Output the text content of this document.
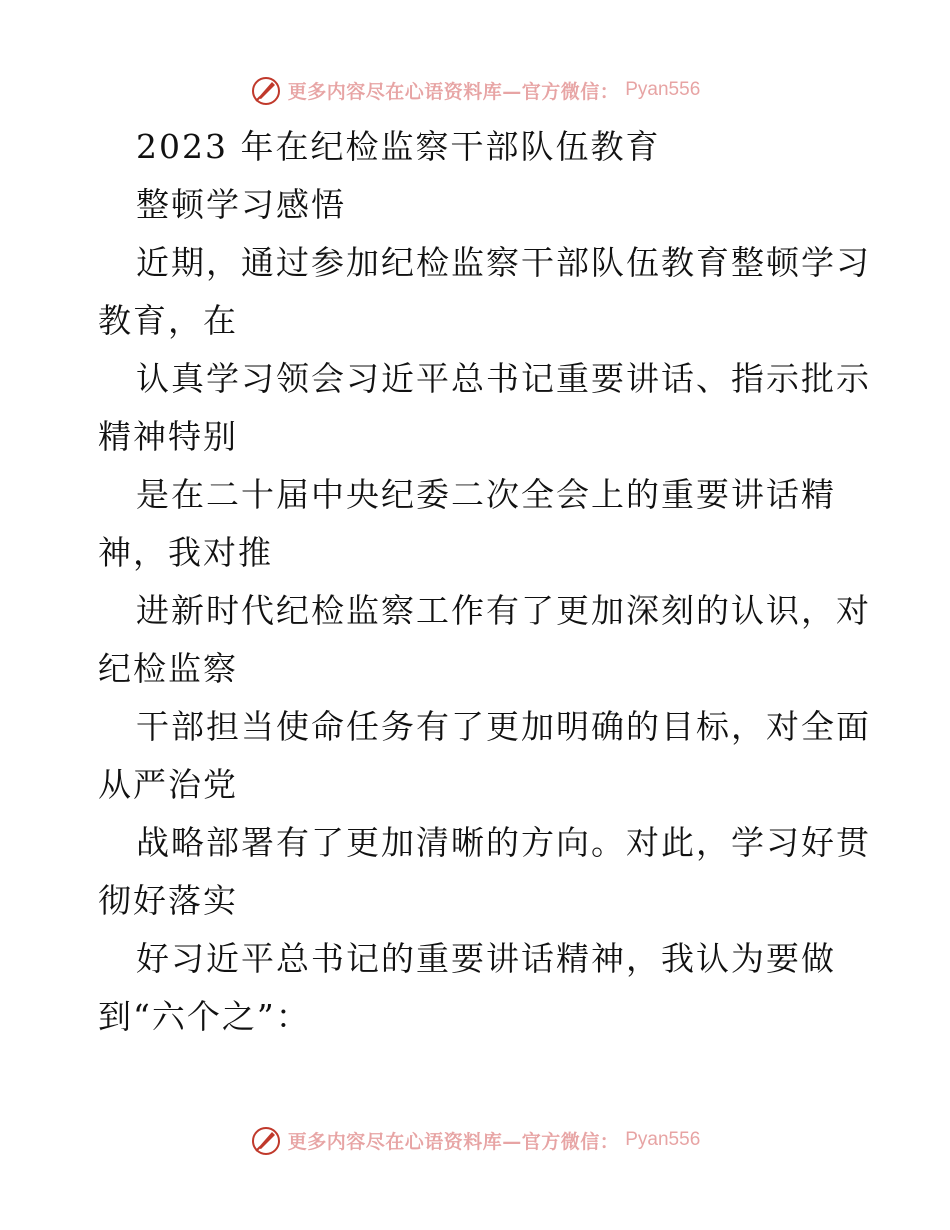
更多内容尽在心语资料库—官方微信： Pyan556
2023 年在纪检监察干部队伍教育
整顿学习感悟
近期，通过参加纪检监察干部队伍教育整顿学习
教育，在
认真学习领会习近平总书记重要讲话、指示批示
精神特别
是在二十届中央纪委二次全会上的重要讲话精
神，我对推
进新时代纪检监察工作有了更加深刻的认识，对
纪检监察
干部担当使命任务有了更加明确的目标，对全面
从严治党
战略部署有了更加清晰的方向。对此，学习好贯
彻好落实
好习近平总书记的重要讲话精神，我认为要做
到“六个之”：
更多内容尽在心语资料库—官方微信： Pyan556
